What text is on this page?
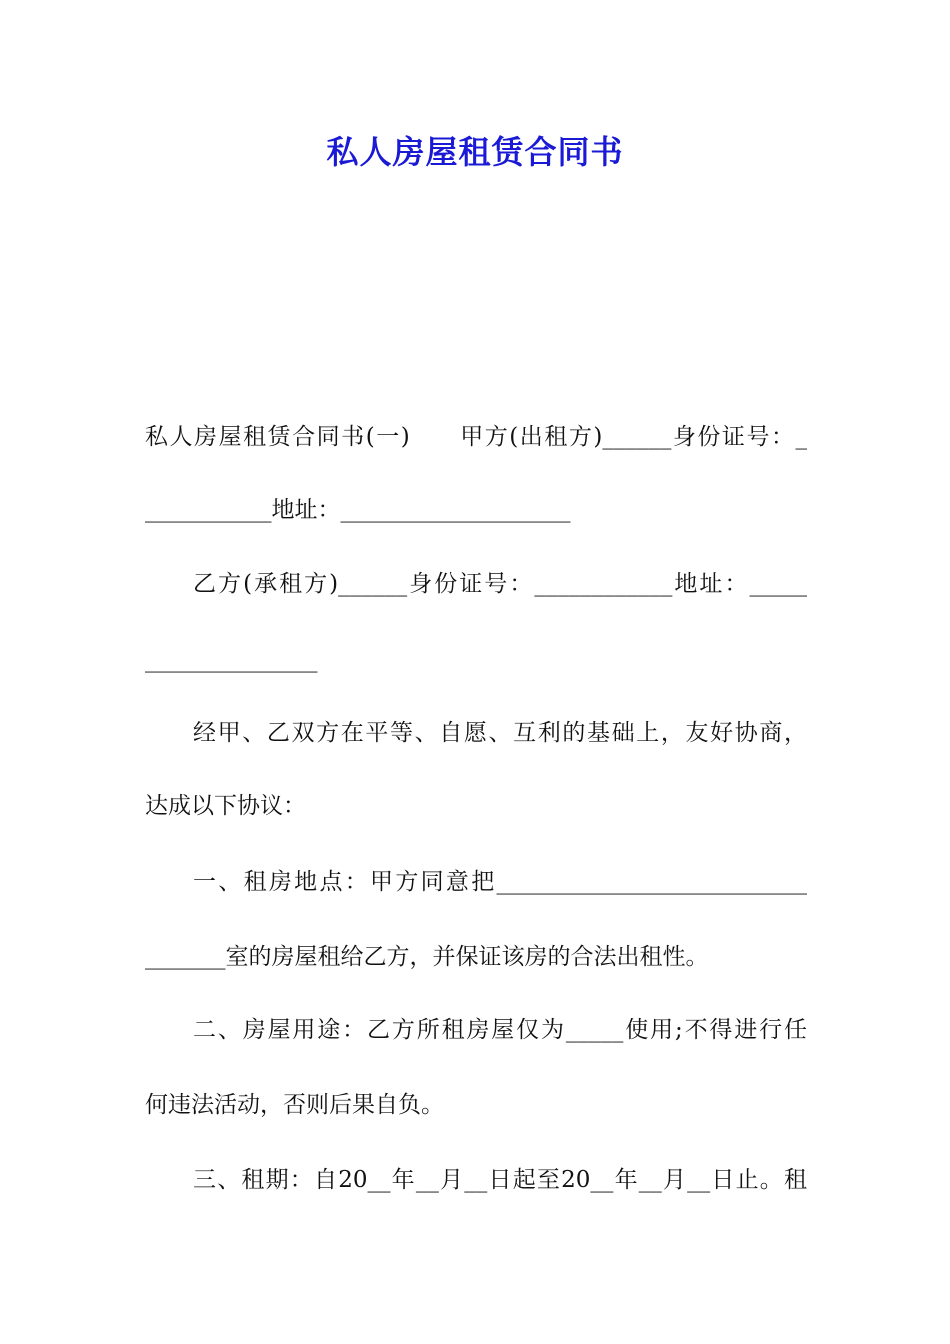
私人房屋租赁合同书
私人房屋租赁合同书(一)　　甲方(出租方)______身份证号：_
___________地址：____________________
乙方(承租方)______身份证号：____________地址：_____
_______________
经甲、乙双方在平等、自愿、互利的基础上，友好协商，
达成以下协议：
一、租房地点：甲方同意把___________________________
_______室的房屋租给乙方，并保证该房的合法出租性。
二、房屋用途：乙方所租房屋仅为_____使用;不得进行任
何违法活动，否则后果自负。
三、租期：自20__年__月__日起至20__年__月__日止。租
